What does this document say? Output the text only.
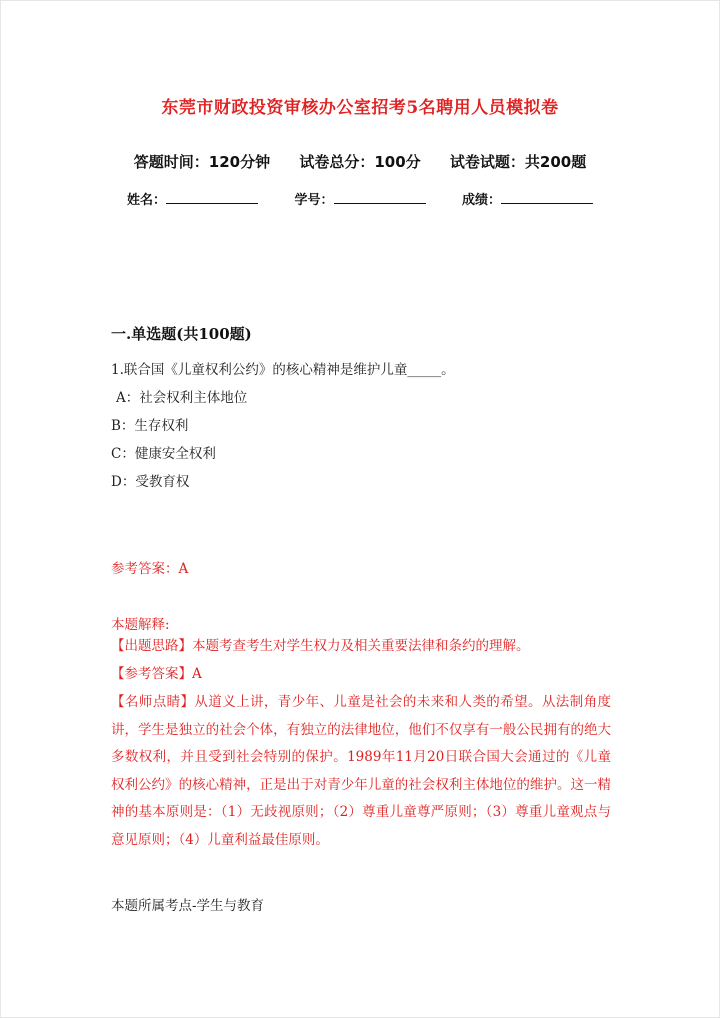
东莞市财政投资审核办公室招考5名聘用人员模拟卷
答题时间：120分钟 试卷总分：100分 试卷试题：共200题
姓名：	学号：	成绩：
一.单选题(共100题)
1.联合国《儿童权利公约》的核心精神是维护儿童_____。
A：社会权利主体地位
B：生存权利
C：健康安全权利
D：受教育权
参考答案：A
本题解释:
【出题思路】本题考查考生对学生权力及相关重要法律和条约的理解。
【参考答案】A
【名师点睛】从道义上讲，青少年、儿童是社会的未来和人类的希望。从法制角度讲，学生是独立的社会个体，有独立的法律地位，他们不仅享有一般公民拥有的绝大多数权利，并且受到社会特别的保护。1989年11月20日联合国大会通过的《儿童权利公约》的核心精神，正是出于对青少年儿童的社会权利主体地位的维护。这一精神的基本原则是：（1）无歧视原则；（2）尊重儿童尊严原则；（3）尊重儿童观点与意见原则；（4）儿童利益最佳原则。
本题所属考点-学生与教育
